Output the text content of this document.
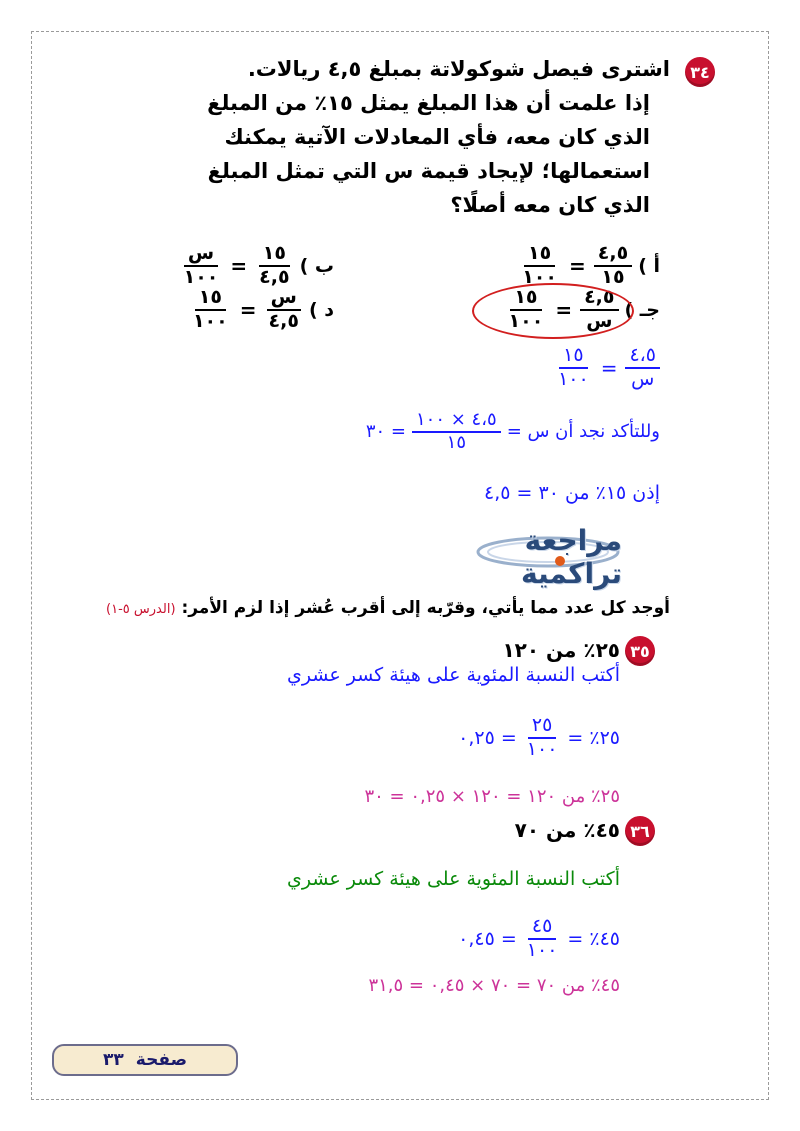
٣٤
اشترى فيصل شوكولاتة بمبلغ ٤,٥ ريالات.
إذا علمت أن هذا المبلغ يمثل ١٥٪ من المبلغ
الذي كان معه، فأي المعادلات الآتية يمكنك
استعمالها؛ لإيجاد قيمة س التي تمثل المبلغ
الذي كان معه أصلًا؟
أ )
$\frac{٤,٥}{١٥}$
=
$\frac{١٥}{١٠٠}$
ب )
$\frac{١٥}{٤,٥}$
=
$\frac{\text{س}}{١٠٠}$
جـ )
$\frac{٤,٥}{\text{س}}$
=
$\frac{١٥}{١٠٠}$
د )
$\frac{\text{س}}{٤,٥}$
=
$\frac{١٥}{١٠٠}$
$\frac{٤،٥}{\text{س}}$
=
$\frac{١٥}{١٠٠}$
وللتأكد نجد أن س =
$\frac{٤،٥ \times ١٠٠}{١٥}$
= ٣٠
إذن ١٥٪ من ٣٠ = ٤,٥
مراجعة تراكمية
أوجد كل عدد مما يأتي، وقرّبه إلى أقرب عُشر إذا لزم الأمر: (الدرس ٥-١)
٣٥
٢٥٪ من ١٢٠
أكتب النسبة المئوية على هيئة كسر عشري
٢٥٪ =
$\frac{٢٥}{١٠٠}$
= ٠,٢٥
٢٥٪ من ١٢٠ = ١٢٠ × ٠,٢٥ = ٣٠
٣٦
٤٥٪ من ٧٠
أكتب النسبة المئوية على هيئة كسر عشري
٤٥٪ =
$\frac{٤٥}{١٠٠}$
= ٠,٤٥
٤٥٪ من ٧٠ = ٧٠ × ٠,٤٥ = ٣١,٥
صفحة
٣٣
